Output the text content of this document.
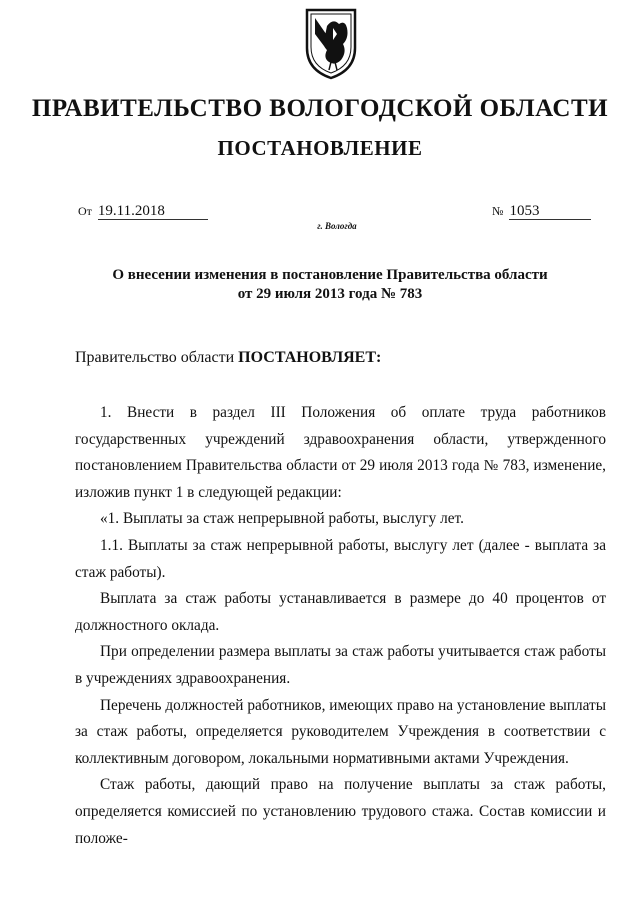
ПРАВИТЕЛЬСТВО ВОЛОГОДСКОЙ ОБЛАСТИ
ПОСТАНОВЛЕНИЕ
От 19.11.2018	№ 1053
г. Вологда
О внесении изменения в постановление Правительства области
от 29 июля 2013 года № 783
Правительство области ПОСТАНОВЛЯЕТ:

1. Внести в раздел III Положения об оплате труда работников государственных учреждений здравоохранения области, утвержденного постановлением Правительства области от 29 июля 2013 года № 783, изменение, изложив пункт 1 в следующей редакции:

«1. Выплаты за стаж непрерывной работы, выслугу лет.

1.1. Выплаты за стаж непрерывной работы, выслугу лет (далее - выплата за стаж работы).

Выплата за стаж работы устанавливается в размере до 40 процентов от должностного оклада.

При определении размера выплаты за стаж работы учитывается стаж работы в учреждениях здравоохранения.

Перечень должностей работников, имеющих право на установление выплаты за стаж работы, определяется руководителем Учреждения в соответствии с коллективным договором, локальными нормативными актами Учреждения.

Стаж работы, дающий право на получение выплаты за стаж работы, определяется комиссией по установлению трудового стажа. Состав комиссии и положе-
